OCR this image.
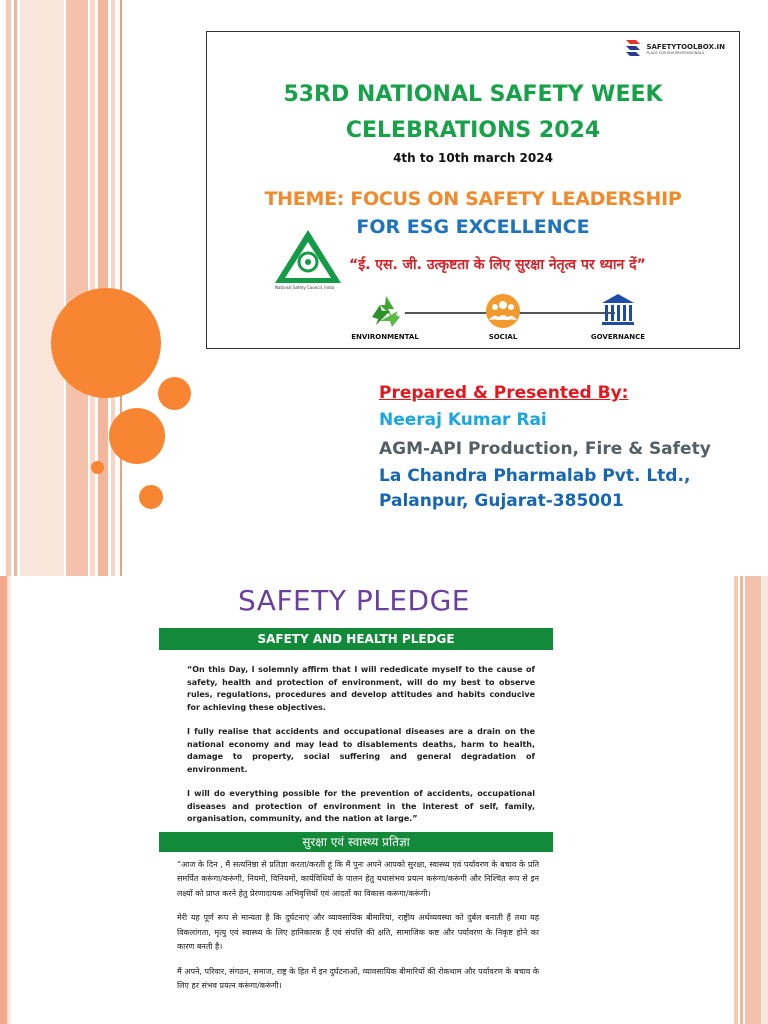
SAFETYTOOLBOX.IN
PLACE FOR EHS PROFESSIONALS
53RD NATIONAL SAFETY WEEK
CELEBRATIONS 2024
4th to 10th march 2024
THEME: FOCUS ON SAFETY LEADERSHIP
FOR ESG EXCELLENCE
FOR SAFETY
National Safety Council, India
“ई. एस. जी. उत्कृष्टता के लिए सुरक्षा नेतृत्व पर ध्यान दें”
ENVIRONMENTAL	SOCIAL	GOVERNANCE
Prepared & Presented By:
Neeraj Kumar Rai
AGM-API Production, Fire & Safety
La Chandra Pharmalab Pvt. Ltd.,
Palanpur, Gujarat-385001
SAFETY PLEDGE
SAFETY AND HEALTH PLEDGE

“On this Day, I solemnly affirm that I will rededicate myself to the cause of safety, health and protection of environment, will do my best to observe rules, regulations, procedures and develop attitudes and habits conducive for achieving these objectives.

I fully realise that accidents and occupational diseases are a drain on the national economy and may lead to disablements deaths, harm to health, damage to property, social suffering and general degradation of environment.

I will do everything possible for the prevention of accidents, occupational diseases and protection of environment in the interest of self, family, organisation, community, and the nation at large.”

सुरक्षा एवं स्वास्थ्य प्रतिज्ञा

“आज के दिन , मैं सत्यनिष्ठा से प्रतिज्ञा करता/करती हूं कि मैं पुनः अपने आपको सुरक्षा, स्वास्थ्य एवं पर्यावरण के बचाव के प्रति समर्पित करूंगा/करूंगी, नियमों, विनियमों, कार्यविधियों के पालन हेतु यथासंभव प्रयत्न करूंगा/करूंगी और निश्चित रूप से इन लक्ष्यों को प्राप्त करने हेतु प्रेरणादायक अभिवृत्तियों एवं आदतों का विकास करूंगा/करूंगी।

मेरी यह पूर्ण रूप से मान्यता है कि दुर्घटनाएं और व्यावसायिक बीमारियां, राष्ट्रीय अर्थव्यवस्था को दुर्बल बनाती हैं तथा यह विकलांगता, मृत्यु एवं स्वास्थ्य के लिए हानिकारक हैं एवं संपत्ति की क्षति, सामाजिक कष्ट और पर्यावरण के निकृष्ट होने का कारण बनती है।

मैं अपने, परिवार, संगठन, समाज, राष्ट्र के हित में इन दुर्घटनाओं, व्यावसायिक बीमारियों की रोकथाम और पर्यावरण के बचाव के लिए हर संभव प्रयत्न करूंगा/करूंगी।
